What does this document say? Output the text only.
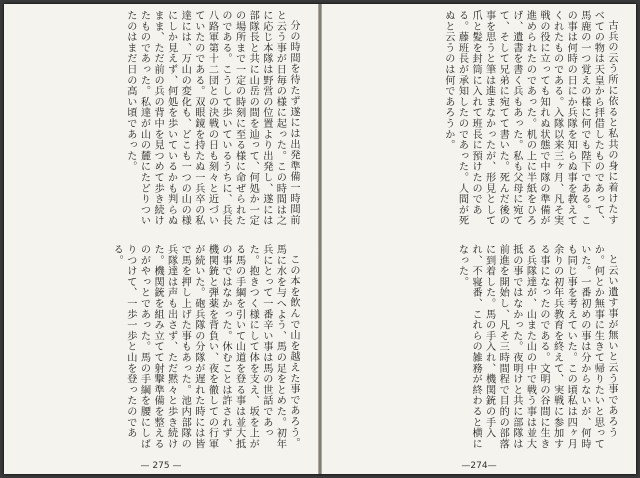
分の時間を待たず遂には出発準備一時間前と云う事が日毎の様に起った。この時間は之に応じ本隊は野営の位置より出発し、遂には部隊長と共に山岳の間を辿って、何処か一定の場所まで一定の時刻に至る様に命ぜられたのである。こうして歩いているうちに、兵長八路軍第十二団との決戦の日も刻々と近づいていたのである。双眼鏡を持たぬ一兵卒の私達には、万山の変化も、どこも一つの山の様にしか見えず、何処を歩いているかも判らぬまま、ただ前の兵の背中を見つめて歩き続けたものであった。私達が山の麓にたどりついたのはまだ日の高い頃であった。

この本を飲んで山を越えた事であろう。馬に水を与へよう、馬の足をとめた。初年兵にとって一番辛い事は馬の世話であった。抱きつく様にして体を支え、坂を上がる馬の手綱を引いて山道を登る事は並大抵の事ではなかった。休むことは許されず、機関銃と弾薬を背負い、夜を徹しての行軍が続いた。砲兵隊の分隊が遅れた時には皆で馬を押し上げた事もあった。池内部隊の兵隊達は声も出さず、ただ黙々と歩き続けた。機関銃を組み立てて射撃準備を整えるのがやっとであった。馬の手綱を腰にしばりつけて、一歩一歩と山を登ったのである。

— 275 —

古兵の云う所に依ると私共の身に着けたすべての物は天皇から拝借したものであって、馬鹿の一つ覚えの様に何でも陛下である。この事は何時の日にか兵隊を知らぬ事を教えてくれたものである。入隊以来三ヶ月、凡そ実戦の役に立っても知れぬ状態で中隊の準備が進められたのであった。机の上に半紙をひろげ、遺書を書く兵もあった。私も父母に宛てて、そして兄弟に宛てて書いた。死んだ後の事を思うと筆は進まなかったが、形見として爪と髪を封筒に入れて班長に預けたのである。藤班長が承知したのであった。人間が死ぬと云うのは何であろうか。

と云い遺す事が無いと云う事であろうか。何とか無事に生きて帰りたいと思っていた。一番初めの事は分からないが、何時も同じ事を考えていた。この頃私は四ヶ月余りの初年兵教育を終えて、実戦に参加する事になったのである。文明の谷間に生きる兵隊達が、山また山の中で戦う事は並大抵の事ではなかった。夜明けと共に部隊は前進を開始し、凡そ三時間程で目的の部落に到着した。馬の手入れ、機関銃の手入れ、不寝番、これらの雑務が終わると横になった。

—274—
